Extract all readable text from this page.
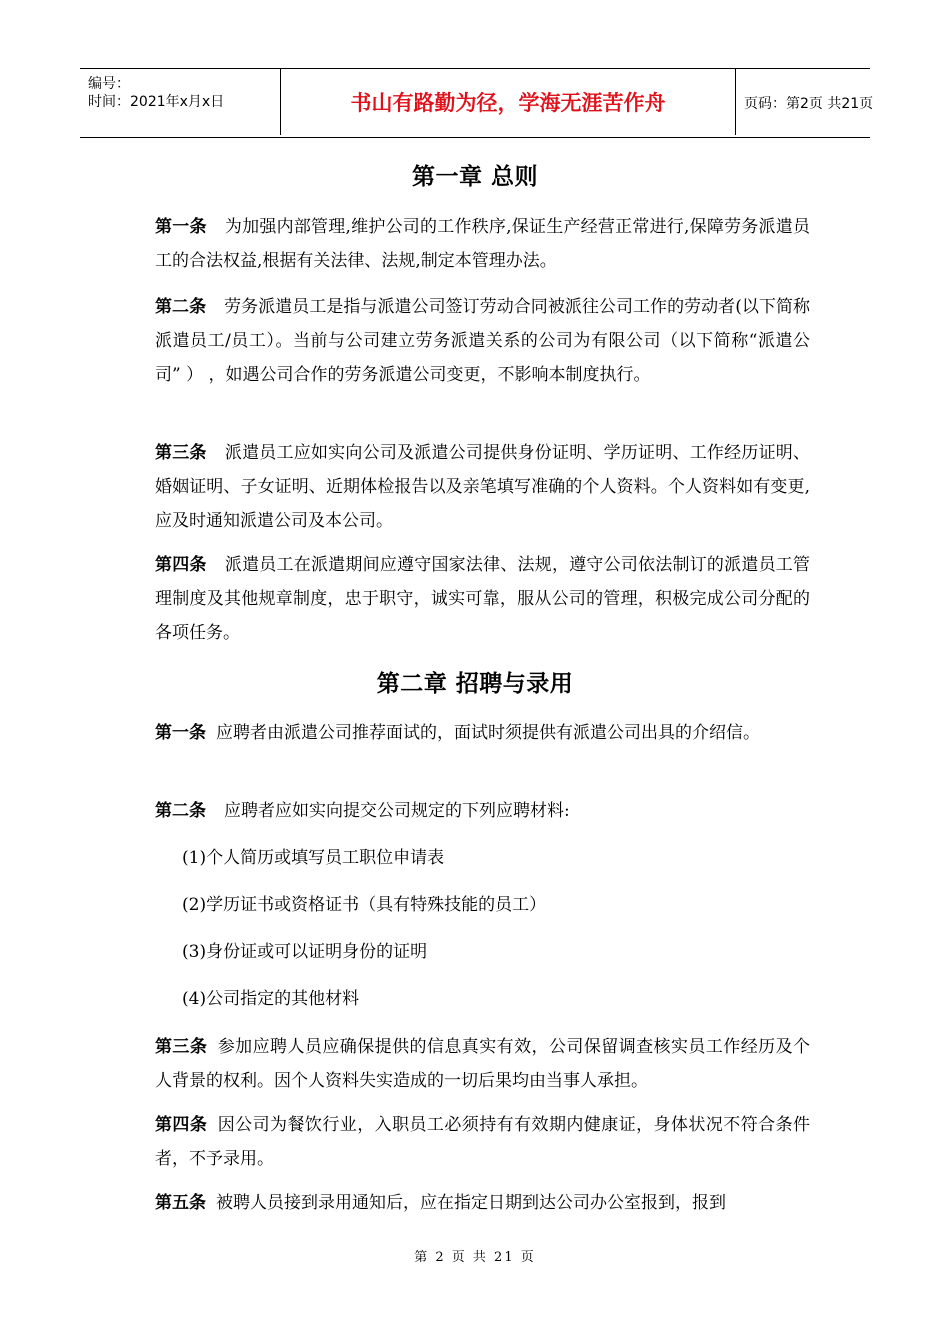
编号：
时间：2021年x月x日	书山有路勤为径，学海无涯苦作舟	页码：第2页 共21页
第一章 总则
第一条 为加强内部管理,维护公司的工作秩序,保证生产经营正常进行,保障劳务派遣员工的合法权益,根据有关法律、法规,制定本管理办法。
第二条 劳务派遣员工是指与派遣公司签订劳动合同被派往公司工作的劳动者(以下简称派遣员工/员工）。当前与公司建立劳务派遣关系的公司为有限公司（以下简称“派遣公司” ） ，如遇公司合作的劳务派遣公司变更，不影响本制度执行。
第三条 派遣员工应如实向公司及派遣公司提供身份证明、学历证明、工作经历证明、婚姻证明、子女证明、近期体检报告以及亲笔填写准确的个人资料。个人资料如有变更,应及时通知派遣公司及本公司。
第四条 派遣员工在派遣期间应遵守国家法律、法规，遵守公司依法制订的派遣员工管理制度及其他规章制度，忠于职守，诚实可靠，服从公司的管理，积极完成公司分配的各项任务。
第二章 招聘与录用
第一条 应聘者由派遣公司推荐面试的，面试时须提供有派遣公司出具的介绍信。
第二条 应聘者应如实向提交公司规定的下列应聘材料:
(1)个人简历或填写员工职位申请表
(2)学历证书或资格证书（具有特殊技能的员工）
(3)身份证或可以证明身份的证明
(4)公司指定的其他材料
第三条 参加应聘人员应确保提供的信息真实有效，公司保留调查核实员工作经历及个人背景的权利。因个人资料失实造成的一切后果均由当事人承担。
第四条 因公司为餐饮行业，入职员工必须持有有效期内健康证，身体状况不符合条件者，不予录用。
第五条 被聘人员接到录用通知后，应在指定日期到达公司办公室报到，报到
第 2 页 共 21 页
